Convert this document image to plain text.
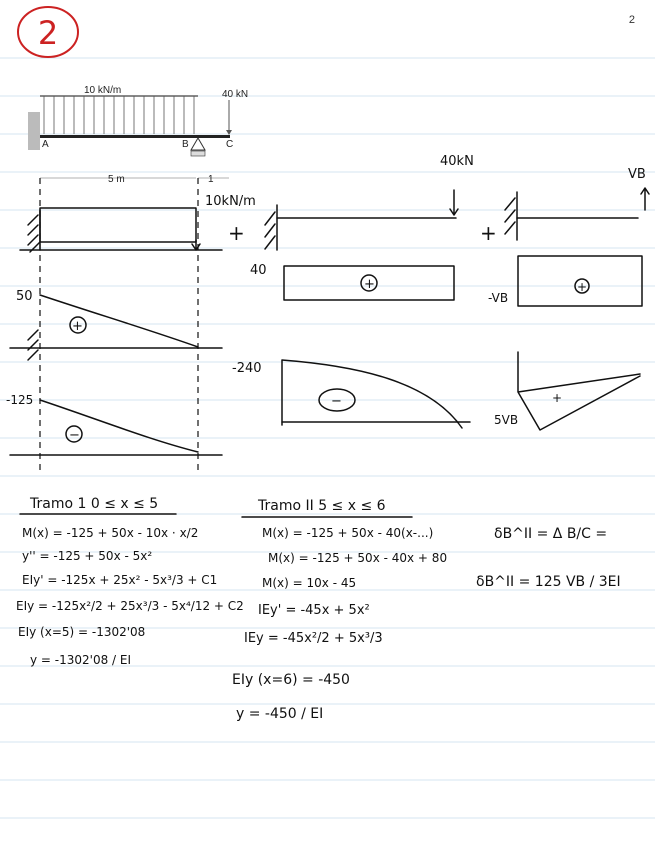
2
2
10 kN/m	40 kN
A	B	C
5 m	1
10kN/m
50
+
-125
−
+
40kN
40
+
-240
−
+
VB
-VB
+
5VB
+
Tramo 1 0 ≤ x ≤ 5
M(x) = -125 + 50x - 10x · x/2
y'' = -125 + 50x - 5x²
EIy' = -125x + 25x² - 5x³/3 + C1
EIy = -125x²/2 + 25x³/3 - 5x⁴/12 + C2
EIy (x=5) = -1302'08
y = -1302'08 / EI
Tramo II 5 ≤ x ≤ 6
M(x) = -125 + 50x - 40(x-...)
M(x) = -125 + 50x - 40x + 80
M(x) = 10x - 45
IEy' = -45x + 5x²
IEy = -45x²/2 + 5x³/3
EIy (x=6) = -450
y = -450 / EI
δB^II = Δ B/C =
δB^II = 125 VB / 3EI
